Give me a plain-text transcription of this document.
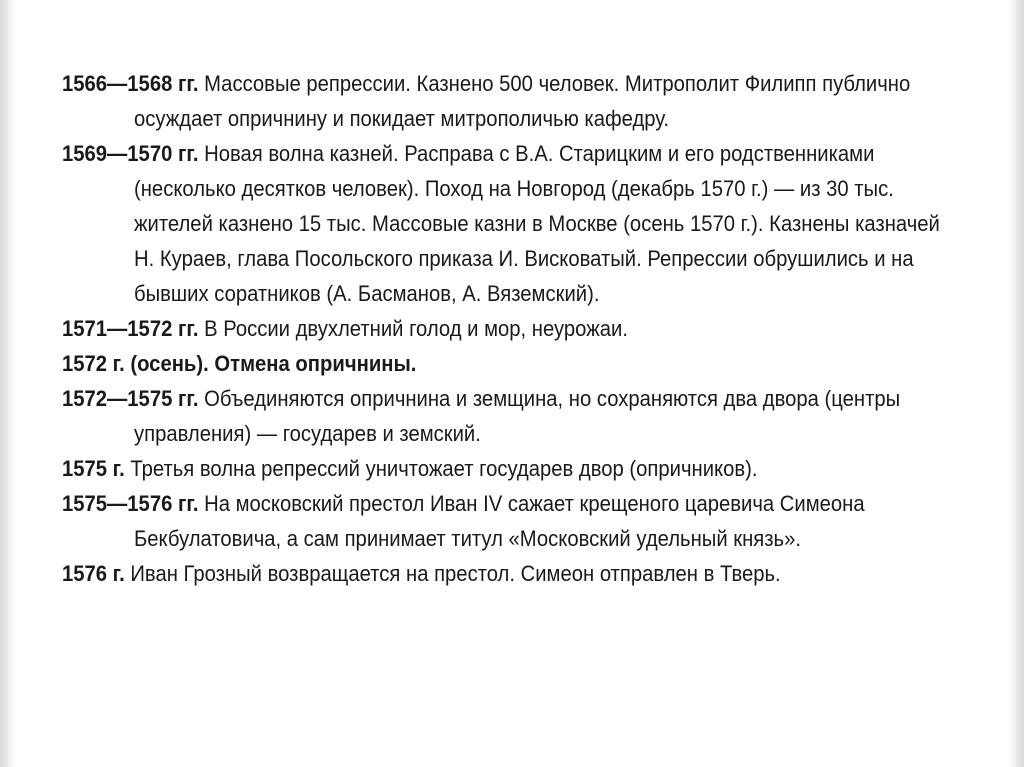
1566—1568 гг. Массовые репрессии. Казнено 500 человек. Митрополит Филипп публично осуждает опричнину и покидает митрополичью кафедру.
1569—1570 гг. Новая волна казней. Расправа с В.А. Старицким и его родственниками (несколько десятков человек). Поход на Новгород (декабрь 1570 г.) — из 30 тыс. жителей казнено 15 тыс. Массовые казни в Москве (осень 1570 г.). Казнены казначей Н. Кураев, глава Посольского приказа И. Висковатый. Репрессии обрушились и на бывших соратников (А. Басманов, А. Вяземский).
1571—1572 гг. В России двухлетний голод и мор, неурожаи.
1572 г. (осень). Отмена опричнины.
1572—1575 гг. Объединяются опричнина и земщина, но сохраняются два двора (центры управления) — государев и земский.
1575 г. Третья волна репрессий уничтожает государев двор (опричников).
1575—1576 гг. На московский престол Иван IV сажает крещеного царевича Симеона Бекбулатовича, а сам принимает титул «Московский удельный князь».
1576 г. Иван Грозный возвращается на престол. Симеон отправлен в Тверь.
